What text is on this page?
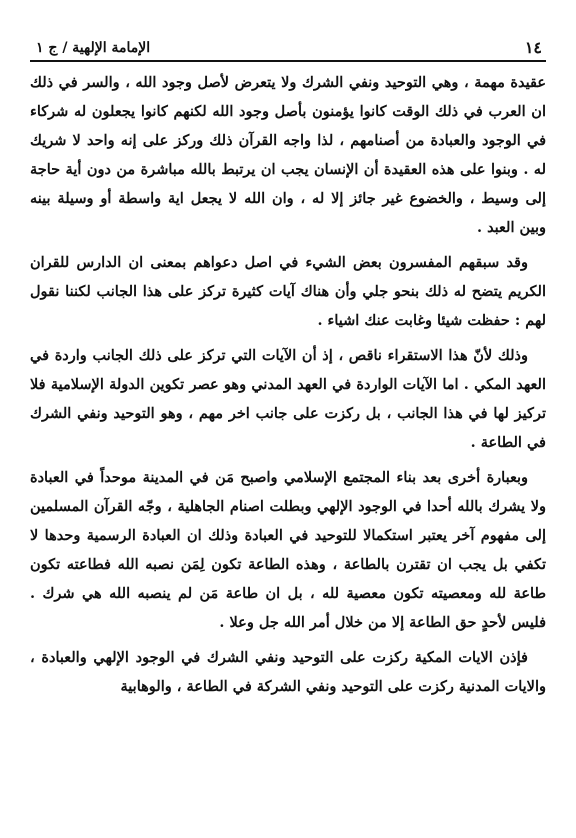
١٤
الإمامة الإلهية / ج ١

عقيدة مهمة ، وهي التوحيد ونفي الشرك ولا يتعرض لأصل وجود الله ، والسر في ذلك ان العرب في ذلك الوقت كانوا يؤمنون بأصل وجود الله لكنهم كانوا يجعلون له شركاء في الوجود والعبادة من أصنامهم ، لذا واجه القرآن ذلك وركز على إنه واحد لا شريك له . وبنوا على هذه العقيدة أن الإنسان يجب ان يرتبط بالله مباشرة من دون أية حاجة إلى وسيط ، والخضوع غير جائز إلا له ، وان الله لا يجعل اية واسطة أو وسيلة بينه وبين العبد .

وقد سبقهم المفسرون بعض الشيء في اصل دعواهم بمعنى ان الدارس للقران الكريم يتضح له ذلك بنحو جلي وأن هناك آيات كثيرة تركز على هذا الجانب لكننا نقول لهم : حفظت شيئا وغابت عنك اشياء .

وذلك لأنّ هذا الاستقراء ناقص ، إذ أن الآيات التي تركز على ذلك الجانب واردة في العهد المكي . اما الآيات الواردة في العهد المدني وهو عصر تكوين الدولة الإسلامية فلا تركيز لها في هذا الجانب ، بل ركزت على جانب اخر مهم ، وهو التوحيد ونفي الشرك في الطاعة .

وبعبارة أخرى بعد بناء المجتمع الإسلامي واصبح مَن في المدينة موحداً في العبادة ولا يشرك بالله أحدا في الوجود الإلهي وبطلت اصنام الجاهلية ، وجّه القرآن المسلمين إلى مفهوم آخر يعتبر استكمالا للتوحيد في العبادة وذلك ان العبادة الرسمية وحدها لا تكفي بل يجب ان تقترن بالطاعة ، وهذه الطاعة تكون لِمَن نصبه الله فطاعته تكون طاعة لله ومعصيته تكون معصية لله ، بل ان طاعة مَن لم ينصبه الله هي شرك . فليس لأحدٍ حق الطاعة إلا من خلال أمر الله جل وعلا .

فإذن الايات المكية ركزت على التوحيد ونفي الشرك في الوجود الإلهي والعبادة ، والايات المدنية ركزت على التوحيد ونفي الشركة في الطاعة ، والوهابية
